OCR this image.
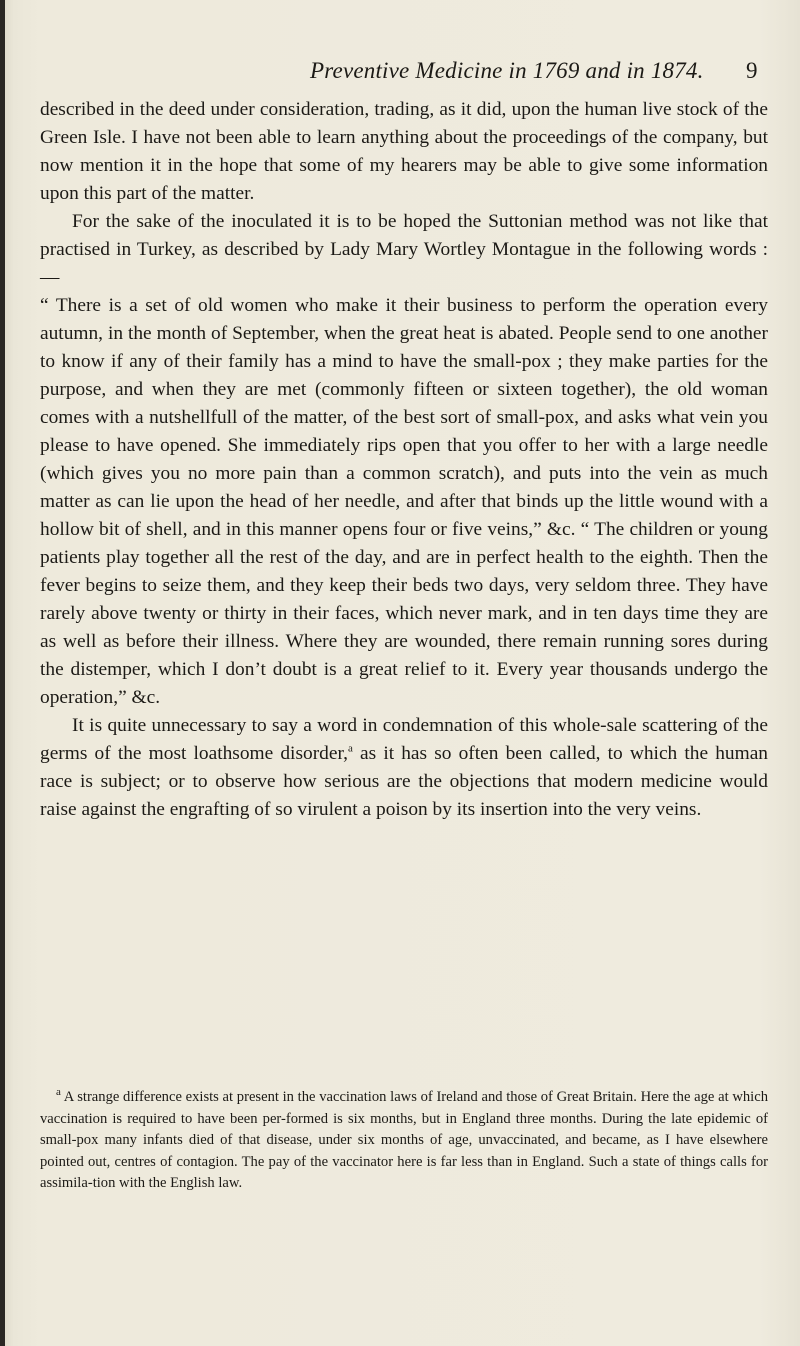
Preventive Medicine in 1769 and in 1874. 9

described in the deed under consideration, trading, as it did, upon the human live stock of the Green Isle. I have not been able to learn anything about the proceedings of the company, but now mention it in the hope that some of my hearers may be able to give some information upon this part of the matter.

For the sake of the inoculated it is to be hoped the Suttonian method was not like that practised in Turkey, as described by Lady Mary Wortley Montague in the following words :—

“ There is a set of old women who make it their business to perform the operation every autumn, in the month of September, when the great heat is abated. People send to one another to know if any of their family has a mind to have the small-pox ; they make parties for the purpose, and when they are met (commonly fifteen or sixteen together), the old woman comes with a nutshellfull of the matter, of the best sort of small-pox, and asks what vein you please to have opened. She immediately rips open that you offer to her with a large needle (which gives you no more pain than a common scratch), and puts into the vein as much matter as can lie upon the head of her needle, and after that binds up the little wound with a hollow bit of shell, and in this manner opens four or five veins,” &c. “ The children or young patients play together all the rest of the day, and are in perfect health to the eighth. Then the fever begins to seize them, and they keep their beds two days, very seldom three. They have rarely above twenty or thirty in their faces, which never mark, and in ten days time they are as well as before their illness. Where they are wounded, there remain running sores during the distemper, which I don’t doubt is a great relief to it. Every year thousands undergo the operation,” &c.

It is quite unnecessary to say a word in condemnation of this whole-sale scattering of the germs of the most loathsome disorder,$^a$ as it has so often been called, to which the human race is subject; or to observe how serious are the objections that modern medicine would raise against the engrafting of so virulent a poison by its insertion into the very veins.

$^a$ A strange difference exists at present in the vaccination laws of Ireland and those of Great Britain. Here the age at which vaccination is required to have been per-formed is six months, but in England three months. During the late epidemic of small-pox many infants died of that disease, under six months of age, unvaccinated, and became, as I have elsewhere pointed out, centres of contagion. The pay of the vaccinator here is far less than in England. Such a state of things calls for assimila-tion with the English law.
